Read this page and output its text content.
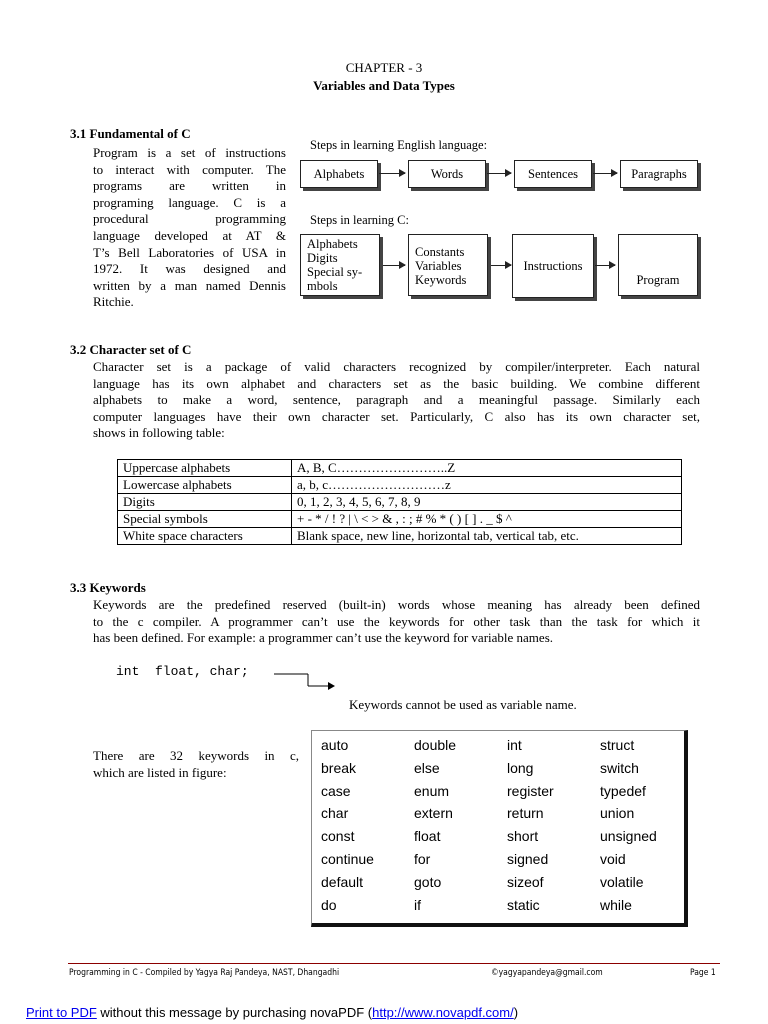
CHAPTER - 3
Variables and Data Types
3.1 Fundamental of C
Program is a set of instructions
to interact with computer. The
programs are written in
programing language. C is a
procedural programming
language developed at AT &
T’s Bell Laboratories of USA in
1972. It was designed and
written by a man named Dennis
Ritchie.
Steps in learning English language:
Alphabets	Words	Sentences	Paragraphs
Steps in learning C:
Alphabets
Digits
Special sy-
mbols
Constants
Variables
Keywords
Instructions
Program
3.2 Character set of C
Character set is a package of valid characters recognized by compiler/interpreter. Each natural
language has its own alphabet and characters set as the basic building. We combine different
alphabets to make a word, sentence, paragraph and a meaningful passage. Similarly each
computer languages have their own character set. Particularly, C also has its own character set,
shows in following table:
Uppercase alphabets	A, B, C……………………..Z
Lowercase alphabets	a, b, c………………………z
Digits	0, 1, 2, 3, 4, 5, 6, 7, 8, 9
Special symbols	+ - * / ! ? | \ < > & , : ; # % * ( ) [ ] . _ $ ^
White space characters	Blank space, new line, horizontal tab, vertical tab, etc.
3.3 Keywords
Keywords are the predefined reserved (built-in) words whose meaning has already been defined
to the c compiler. A programmer can’t use the keywords for other task than the task for which it
has been defined. For example: a programmer can’t use the keyword for variable names.
int  float, char;
Keywords cannot be used as variable name.
There are 32 keywords in c,
which are listed in figure:
auto	double	int	struct
break	else	long	switch
case	enum	register	typedef
char	extern	return	union
const	float	short	unsigned
continue	for	signed	void
default	goto	sizeof	volatile
do	if	static	while
Programming in C - Compiled by Yagya Raj Pandeya, NAST, Dhangadhi	©yagyapandeya@gmail.com	Page 1
Print to PDF without this message by purchasing novaPDF (http://www.novapdf.com/)
